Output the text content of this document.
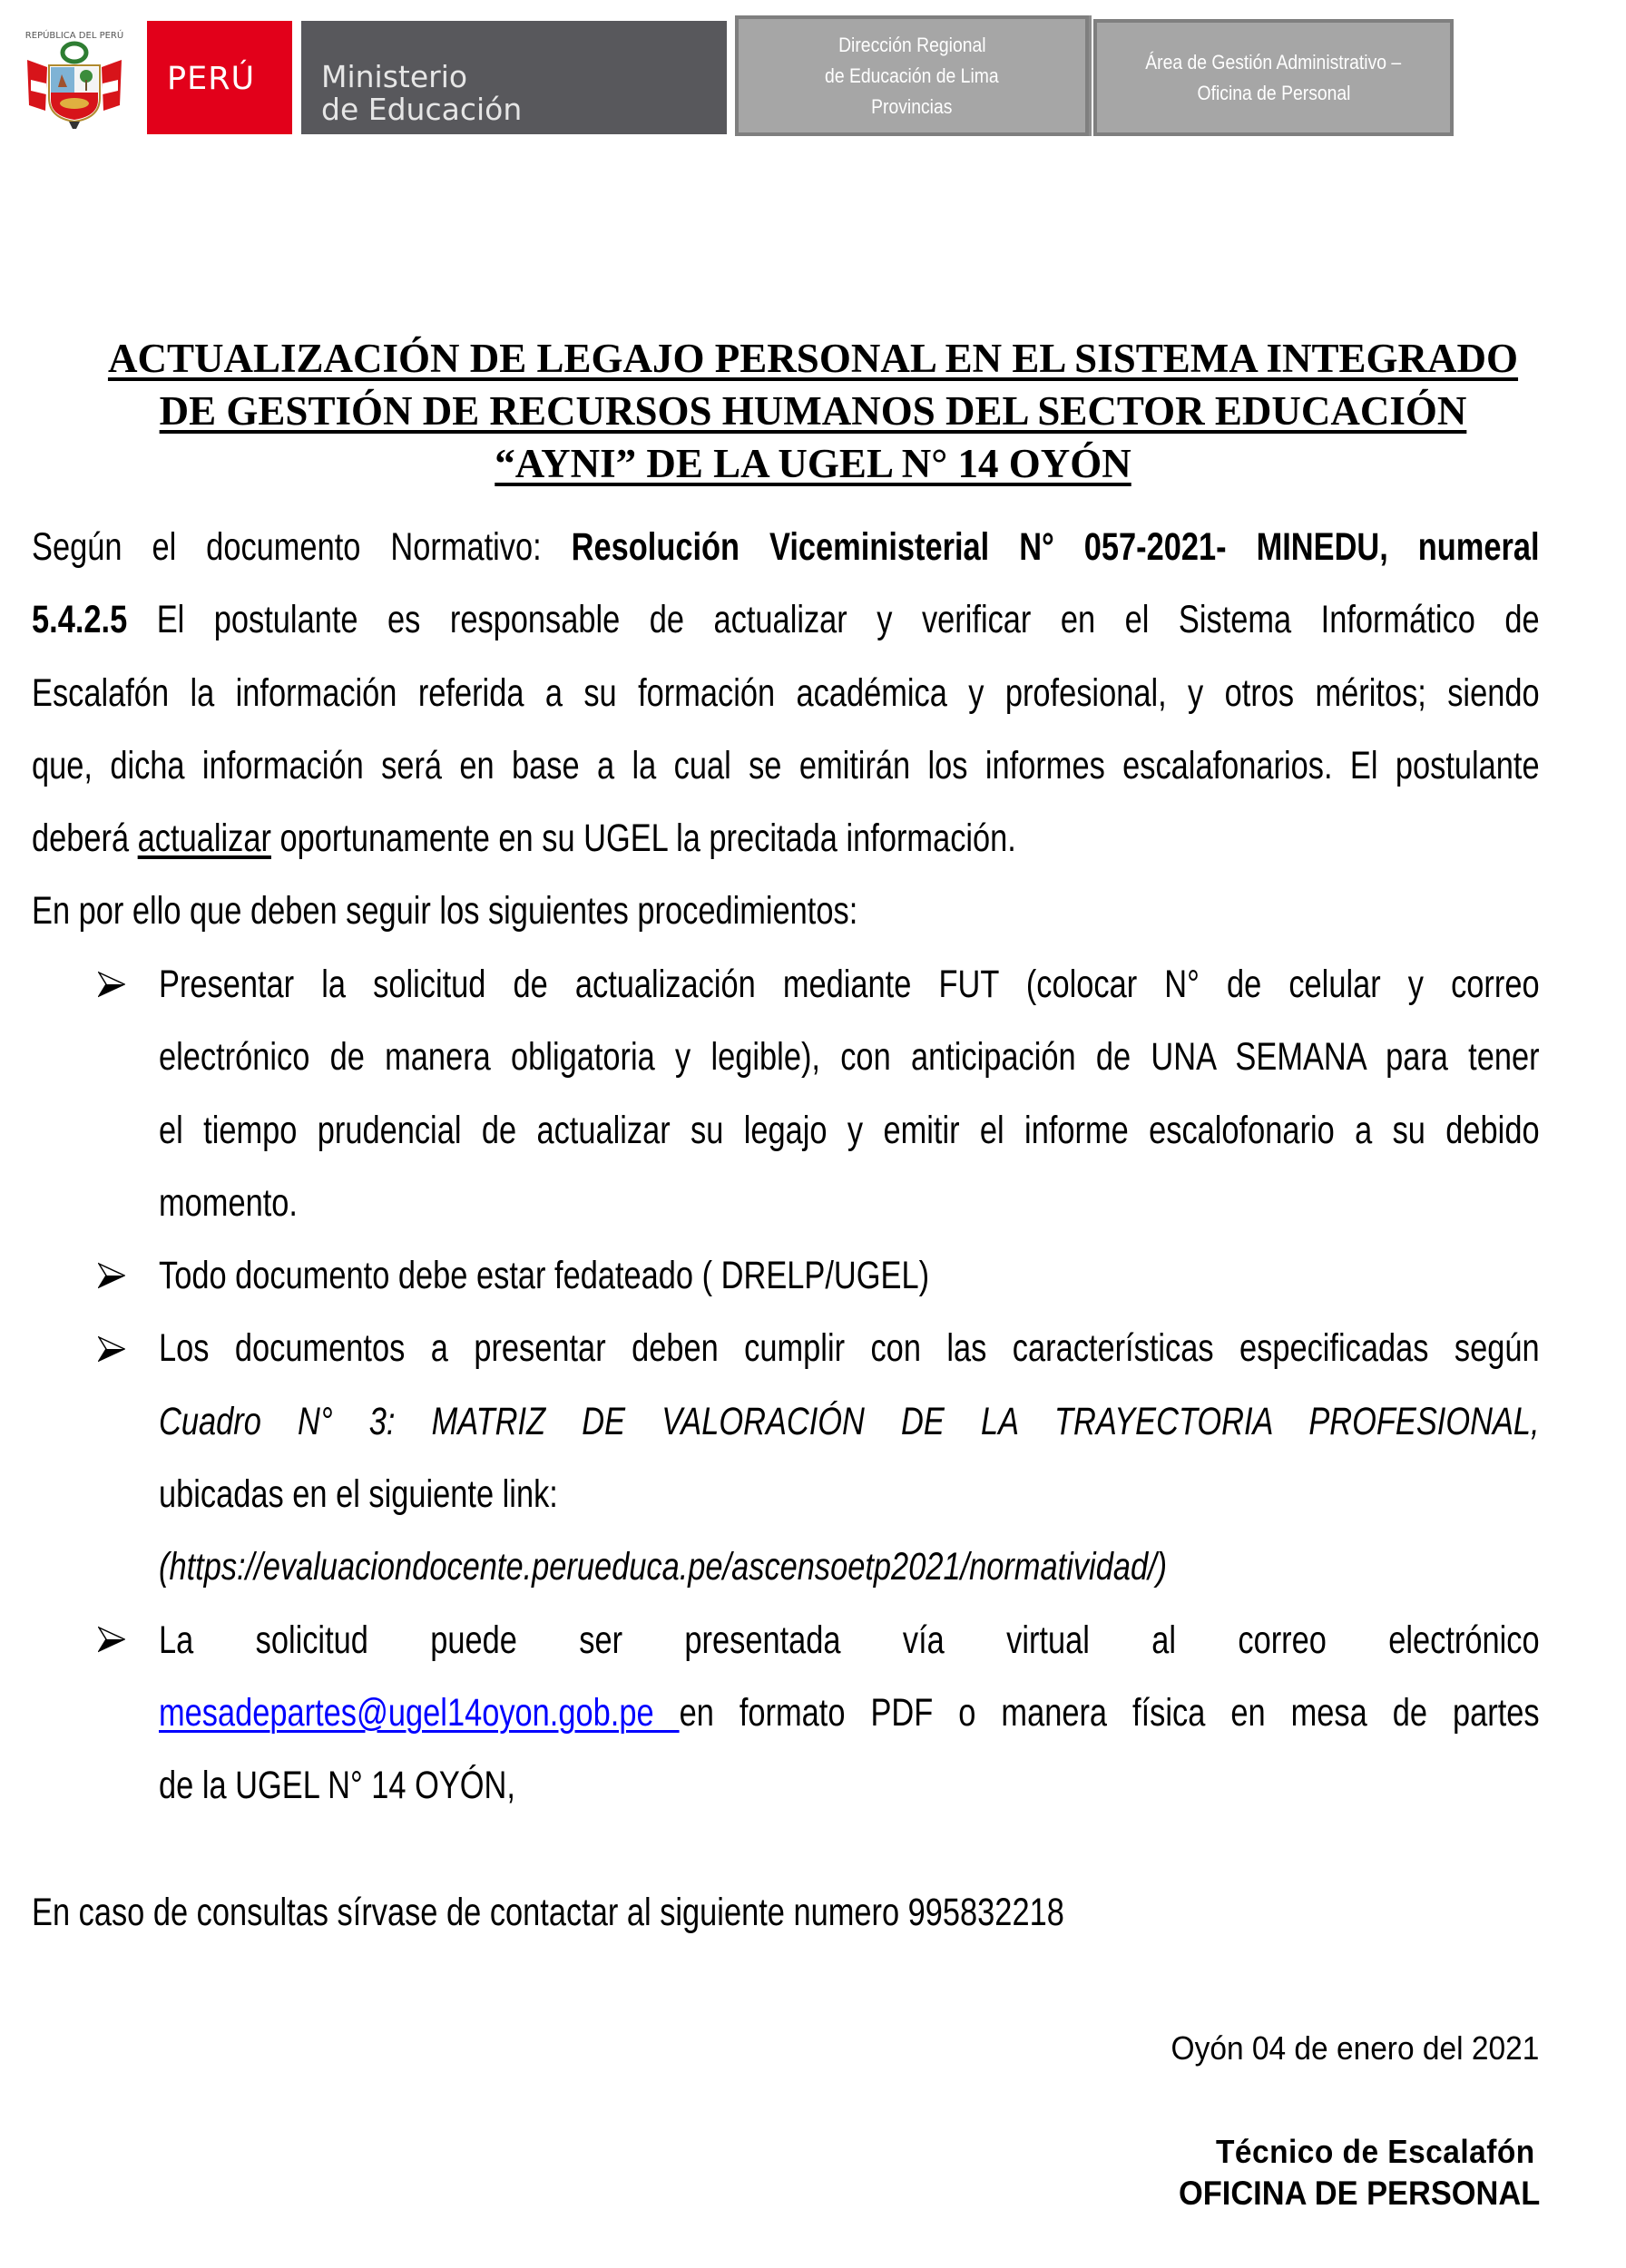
REPÚBLICA DEL PERÚ
PERÚ Ministerio
de Educación
Dirección Regional
de Educación de Lima
Provincias
Área de Gestión Administrativo –
Oficina de Personal
ACTUALIZACIÓN DE LEGAJO PERSONAL EN EL SISTEMA INTEGRADO
DE GESTIÓN DE RECURSOS HUMANOS DEL SECTOR EDUCACIÓN
“AYNI” DE LA UGEL N° 14 OYÓN
Según el documento Normativo: Resolución Viceministerial N° 057-2021- MINEDU, numeral
5.4.2.5 El postulante es responsable de actualizar y verificar en el Sistema Informático de
Escalafón la información referida a su formación académica y profesional, y otros méritos; siendo
que, dicha información será en base a la cual se emitirán los informes escalafonarios. El postulante
deberá actualizar oportunamente en su UGEL la precitada información.
En por ello que deben seguir los siguientes procedimientos:
Presentar la solicitud de actualización mediante FUT (colocar N° de celular y correo
electrónico de manera obligatoria y legible), con anticipación de UNA SEMANA para tener
el tiempo prudencial de actualizar su legajo y emitir el informe escalofonario a su debido
momento.
Todo documento debe estar fedateado ( DRELP/UGEL)
Los documentos a presentar deben cumplir con las características especificadas según
Cuadro N° 3: MATRIZ DE VALORACIÓN DE LA TRAYECTORIA PROFESIONAL,
ubicadas en el siguiente link:
(https://evaluaciondocente.perueduca.pe/ascensoetp2021/normatividad/)
La solicitud puede ser presentada vía virtual al correo electrónico
mesadepartes@ugel14oyon.gob.pe en formato PDF o manera física en mesa de partes
de la UGEL N° 14 OYÓN,
En caso de consultas sírvase de contactar al siguiente numero 995832218
Oyón 04 de enero del 2021
Técnico de Escalafón
OFICINA DE PERSONAL
